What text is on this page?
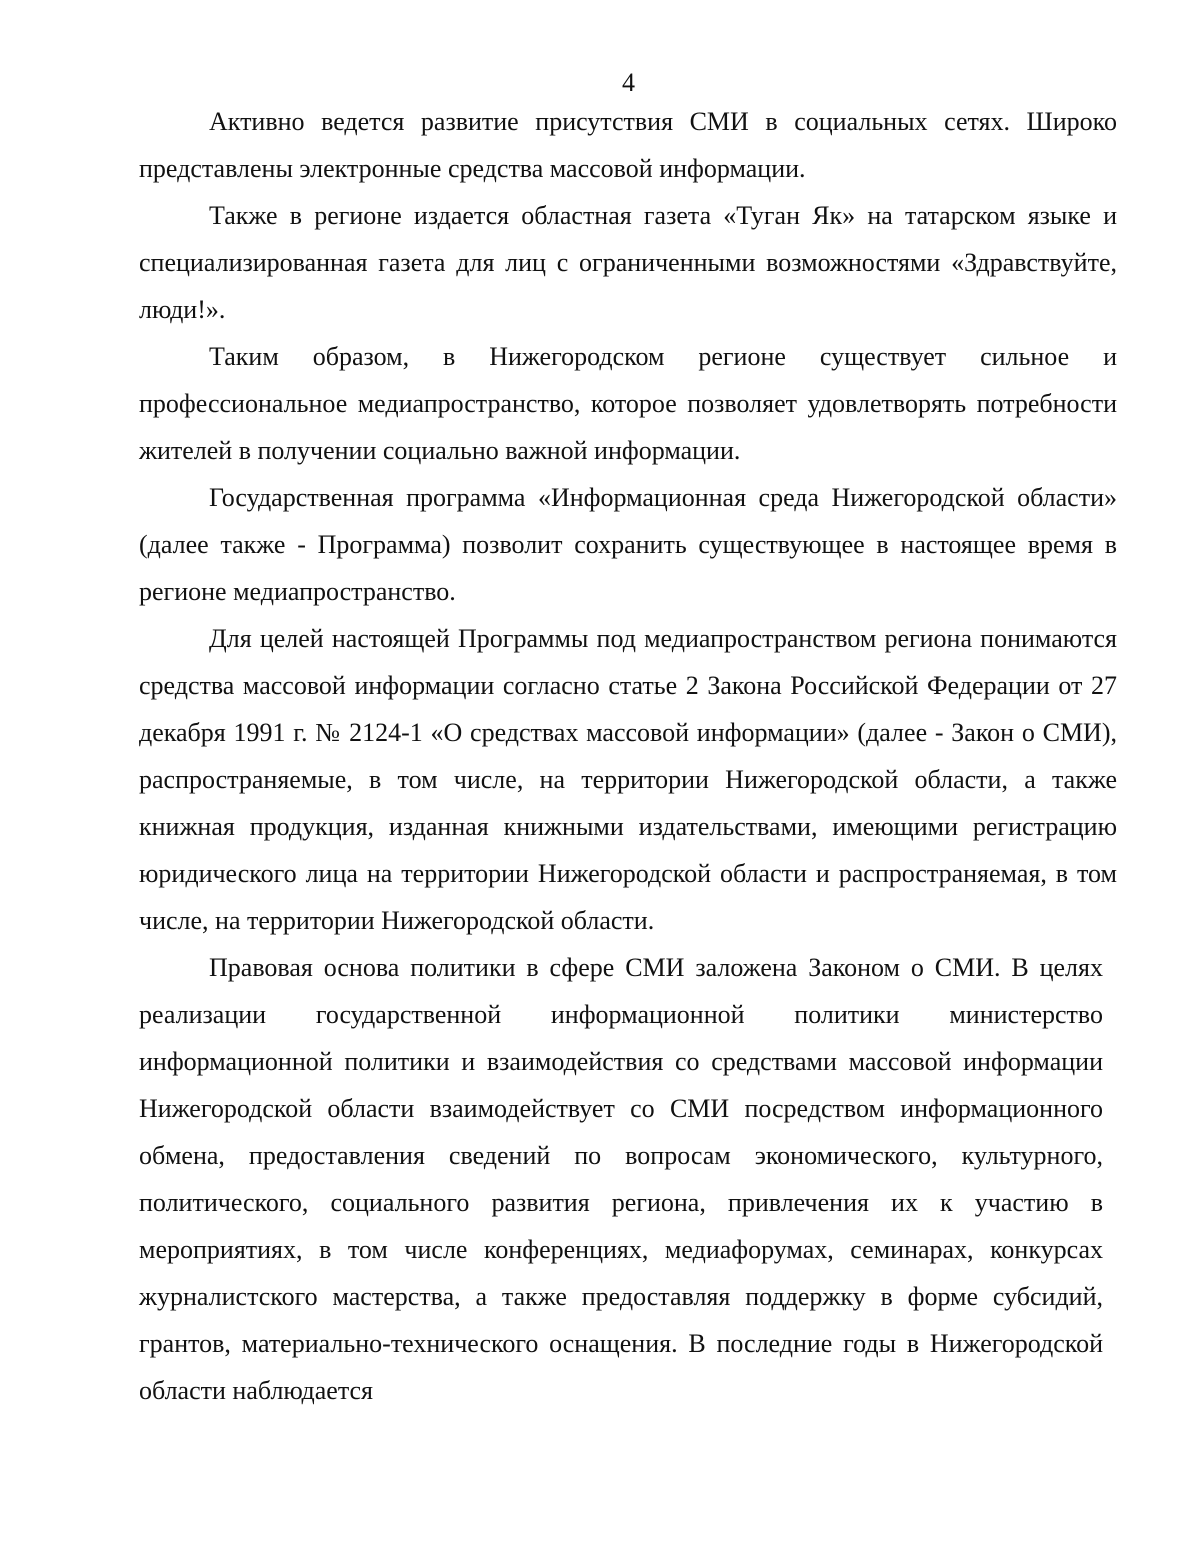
4

Активно ведется развитие присутствия СМИ в социальных сетях. Широко представлены электронные средства массовой информации.

Также в регионе издается областная газета «Туган Як» на татарском языке и специализированная газета для лиц с ограниченными возможностями «Здравствуйте, люди!».

Таким образом, в Нижегородском регионе существует сильное и профессиональное медиапространство, которое позволяет удовлетворять потребности жителей в получении социально важной информации.

Государственная программа «Информационная среда Нижегородской области» (далее также - Программа) позволит сохранить существующее в настоящее время в регионе медиапространство.

Для целей настоящей Программы под медиапространством региона понимаются средства массовой информации согласно статье 2 Закона Российской Федерации от 27 декабря 1991 г. № 2124-1 «О средствах массовой информации» (далее - Закон о СМИ), распространяемые, в том числе, на территории Нижегородской области, а также книжная продукция, изданная книжными издательствами, имеющими регистрацию юридического лица на территории Нижегородской области и распространяемая, в том числе, на территории Нижегородской области.

Правовая основа политики в сфере СМИ заложена Законом о СМИ. В целях реализации государственной информационной политики министерство информационной политики и взаимодействия со средствами массовой информации Нижегородской области взаимодействует со СМИ посредством информационного обмена, предоставления сведений по вопросам экономического, культурного, политического, социального развития региона, привлечения их к участию в мероприятиях, в том числе конференциях, медиафорумах, семинарах, конкурсах журналистского мастерства, а также предоставляя поддержку в форме субсидий, грантов, материально-технического оснащения. В последние годы в Нижегородской области наблюдается
